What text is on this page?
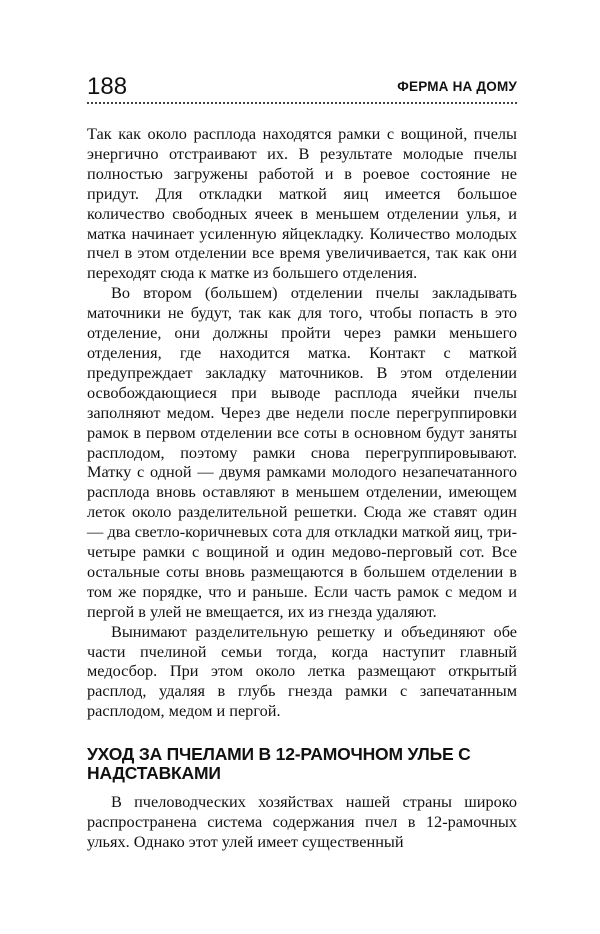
188	ФЕРМА НА ДОМУ

Так как около расплода находятся рамки с вощиной, пчелы энергично отстраивают их. В результате молодые пчелы полностью загружены работой и в роевое состояние не придут. Для откладки маткой яиц имеется большое количество свободных ячеек в меньшем отделении улья, и матка начинает усиленную яйцекладку. Количество молодых пчел в этом отделении все время увеличивается, так как они переходят сюда к матке из большего отделения.

Во втором (большем) отделении пчелы закладывать маточники не будут, так как для того, чтобы попасть в это отделение, они должны пройти через рамки меньшего отделения, где находится матка. Контакт с маткой предупреждает закладку маточников. В этом отделении освобождающиеся при выводе расплода ячейки пчелы заполняют медом. Через две недели после перегруппировки рамок в первом отделении все соты в основном будут заняты расплодом, поэтому рамки снова перегруппировывают. Матку с одной — двумя рамками молодого незапечатанного расплода вновь оставляют в меньшем отделении, имеющем леток около разделительной решетки. Сюда же ставят один — два светло-коричневых сота для откладки маткой яиц, три-четыре рамки с вощиной и один медово-перговый сот. Все остальные соты вновь размещаются в большем отделении в том же порядке, что и раньше. Если часть рамок с медом и пергой в улей не вмещается, их из гнезда удаляют.

Вынимают разделительную решетку и объединяют обе части пчелиной семьи тогда, когда наступит главный медосбор. При этом около летка размещают открытый расплод, удаляя в глубь гнезда рамки с запечатанным расплодом, медом и пергой.

УХОД ЗА ПЧЕЛАМИ В 12-РАМОЧНОМ УЛЬЕ С НАДСТАВКАМИ

В пчеловодческих хозяйствах нашей страны широко распространена система содержания пчел в 12-рамочных ульях. Однако этот улей имеет существенный
